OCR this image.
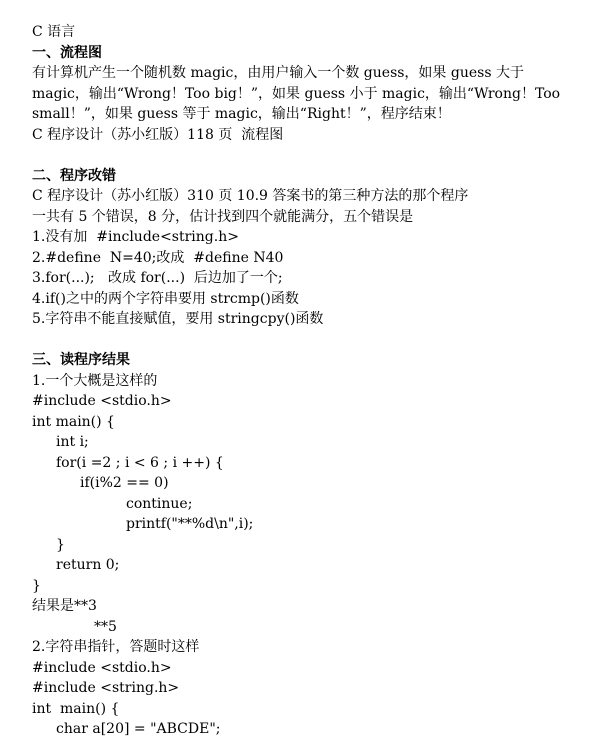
C 语言
一、流程图
有计算机产生一个随机数 magic，由用户输入一个数 guess，如果 guess 大于
magic，输出“Wrong！Too big！”，如果 guess 小于 magic，输出“Wrong！Too
small！”，如果 guess 等于 magic，输出“Right！”，程序结束！
C 程序设计（苏小红版）118 页  流程图
二、程序改错
C 程序设计（苏小红版）310 页 10.9 答案书的第三种方法的那个程序
一共有 5 个错误，8 分，估计找到四个就能满分，五个错误是
1.没有加  #include<string.h>
2.#define  N=40;改成  #define N40
3.for(...);   改成 for(...)  后边加了一个;
4.if()之中的两个字符串要用 strcmp()函数
5.字符串不能直接赋值，要用 stringcpy()函数
三、读程序结果
1.一个大概是这样的
#include <stdio.h>
int main() {
int i;
for(i =2 ; i < 6 ; i ++) {
if(i%2 == 0)
continue;
printf("**%d\n",i);
}
return 0;
}
结果是**3
**5
2.字符串指针，答题时这样
#include <stdio.h>
#include <string.h>
int  main() {
char a[20] = "ABCDE";
